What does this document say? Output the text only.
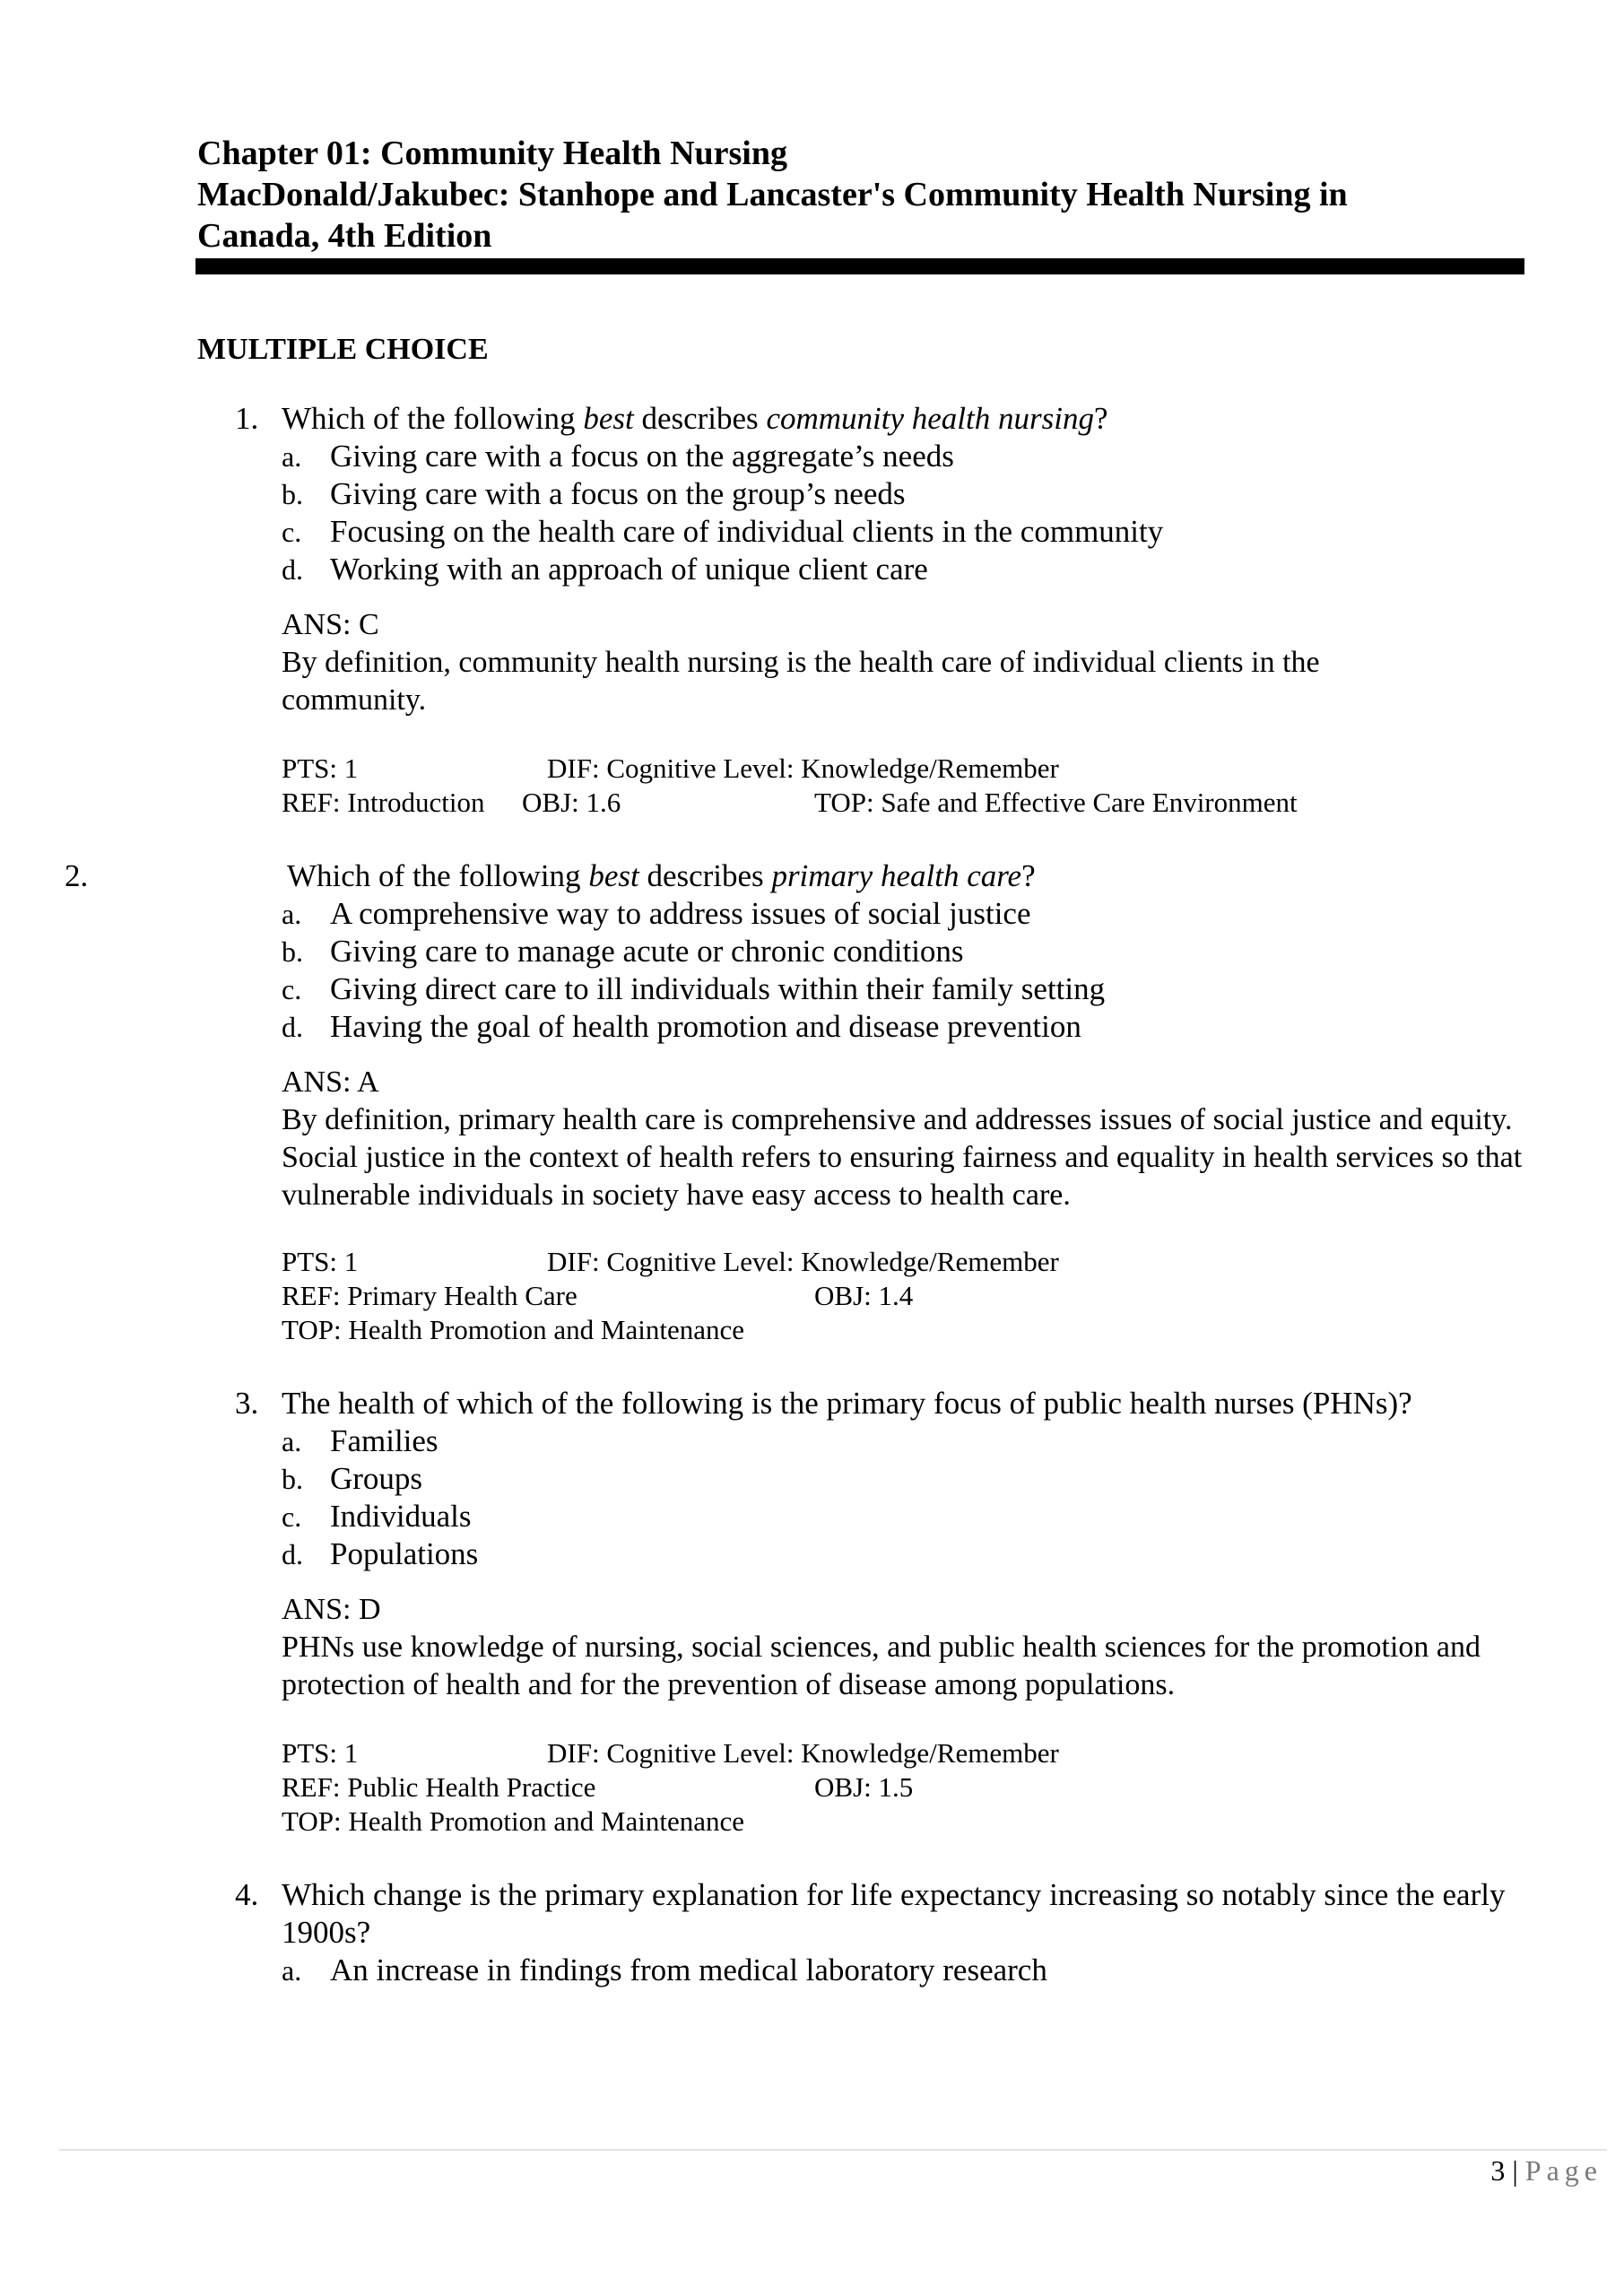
Chapter 01: Community Health Nursing
MacDonald/Jakubec: Stanhope and Lancaster's Community Health Nursing in
Canada, 4th Edition
MULTIPLE CHOICE
1. Which of the following best describes community health nursing?
a. Giving care with a focus on the aggregate’s needs
b. Giving care with a focus on the group’s needs
c. Focusing on the health care of individual clients in the community
d. Working with an approach of unique client care
ANS: C
By definition, community health nursing is the health care of individual clients in the community.
PTS: 1	DIF: Cognitive Level: Knowledge/Remember
REF: Introduction OBJ: 1.6	TOP: Safe and Effective Care Environment
2.	Which of the following best describes primary health care?
a. A comprehensive way to address issues of social justice
b. Giving care to manage acute or chronic conditions
c. Giving direct care to ill individuals within their family setting
d. Having the goal of health promotion and disease prevention
ANS: A
By definition, primary health care is comprehensive and addresses issues of social justice and equity. Social justice in the context of health refers to ensuring fairness and equality in health services so that vulnerable individuals in society have easy access to health care.
PTS: 1	DIF: Cognitive Level: Knowledge/Remember
REF: Primary Health Care	OBJ: 1.4
TOP: Health Promotion and Maintenance
3. The health of which of the following is the primary focus of public health nurses (PHNs)?
a. Families
b. Groups
c. Individuals
d. Populations
ANS: D
PHNs use knowledge of nursing, social sciences, and public health sciences for the promotion and protection of health and for the prevention of disease among populations.
PTS: 1	DIF: Cognitive Level: Knowledge/Remember
REF: Public Health Practice	OBJ: 1.5
TOP: Health Promotion and Maintenance
4. Which change is the primary explanation for life expectancy increasing so notably since the early 1900s?
a. An increase in findings from medical laboratory research
3 | Page
